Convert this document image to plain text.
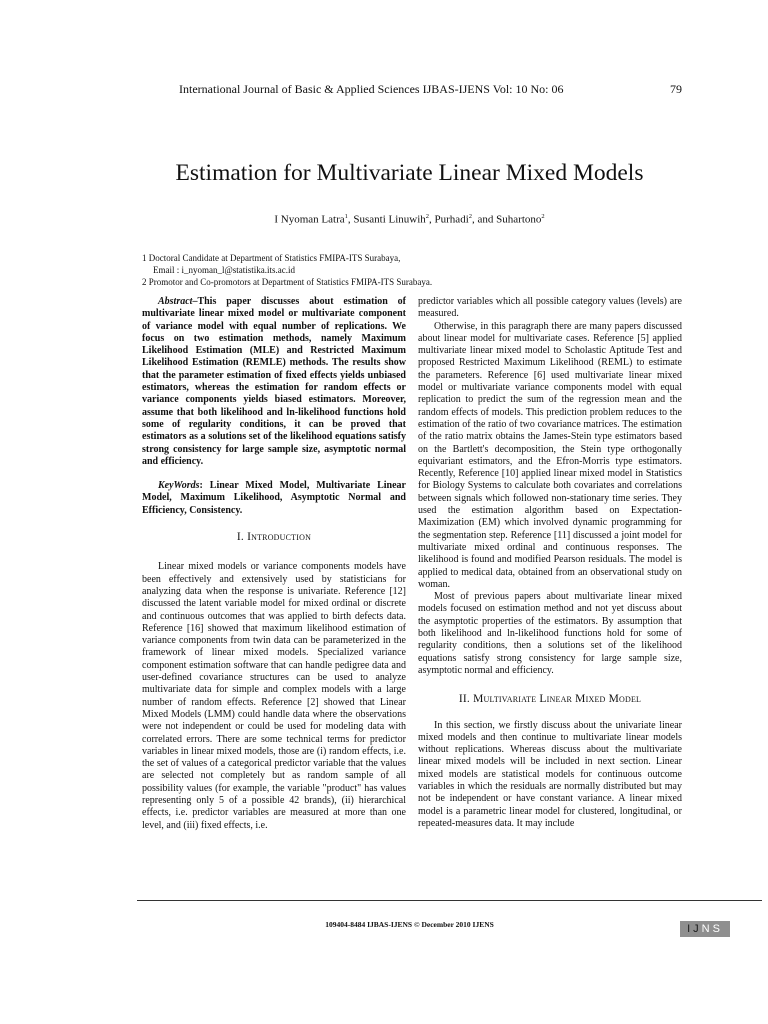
International Journal of Basic & Applied Sciences IJBAS-IJENS Vol: 10 No: 06	79
Estimation for Multivariate Linear Mixed Models
I Nyoman Latra$^1$, Susanti Linuwih$^2$, Purhadi$^2$, and Suhartono$^2$
1 Doctoral Candidate at Department of Statistics FMIPA-ITS Surabaya,
Email : i_nyoman_l@statistika.its.ac.id
2 Promotor and Co-promotors at Department of Statistics FMIPA-ITS Surabaya.

Abstract–This paper discusses about estimation of multivariate linear mixed model or multivariate component of variance model with equal number of replications. We focus on two estimation methods, namely Maximum Likelihood Estimation (MLE) and Restricted Maximum Likelihood Estimation (REMLE) methods. The results show that the parameter estimation of fixed effects yields unbiased estimators, whereas the estimation for random effects or variance components yields biased estimators. Moreover, assume that both likelihood and ln-likelihood functions hold some of regularity conditions, it can be proved that estimators as a solutions set of the likelihood equations satisfy strong consistency for large sample size, asymptotic normal and efficiency.

KeyWords: Linear Mixed Model, Multivariate Linear Model, Maximum Likelihood, Asymptotic Normal and Efficiency, Consistency.

I. Introduction

Linear mixed models or variance components models have been effectively and extensively used by statisticians for analyzing data when the response is univariate. Reference [12] discussed the latent variable model for mixed ordinal or discrete and continuous outcomes that was applied to birth defects data. Reference [16] showed that maximum likelihood estimation of variance components from twin data can be parameterized in the framework of linear mixed models. Specialized variance component estimation software that can handle pedigree data and user-defined covariance structures can be used to analyze multivariate data for simple and complex models with a large number of random effects. Reference [2] showed that Linear Mixed Models (LMM) could handle data where the observations were not independent or could be used for modeling data with correlated errors. There are some technical terms for predictor variables in linear mixed models, those are (i) random effects, i.e. the set of values of a categorical predictor variable that the values are selected not completely but as random sample of all possibility values (for example, the variable "product" has values representing only 5 of a possible 42 brands), (ii) hierarchical effects, i.e. predictor variables are measured at more than one level, and (iii) fixed effects, i.e.

predictor variables which all possible category values (levels) are measured.

Otherwise, in this paragraph there are many papers discussed about linear model for multivariate cases. Reference [5] applied multivariate linear mixed model to Scholastic Aptitude Test and proposed Restricted Maximum Likelihood (REML) to estimate the parameters. Reference [6] used multivariate linear mixed model or multivariate variance components model with equal replication to predict the sum of the regression mean and the random effects of models. This prediction problem reduces to the estimation of the ratio of two covariance matrices. The estimation of the ratio matrix obtains the James-Stein type estimators based on the Bartlett's decomposition, the Stein type orthogonally equivariant estimators, and the Efron-Morris type estimators. Recently, Reference [10] applied linear mixed model in Statistics for Biology Systems to calculate both covariates and correlations between signals which followed non-stationary time series. They used the estimation algorithm based on Expectation-Maximization (EM) which involved dynamic programming for the segmentation step. Reference [11] discussed a joint model for multivariate mixed ordinal and continuous responses. The likelihood is found and modified Pearson residuals. The model is applied to medical data, obtained from an observational study on woman.

Most of previous papers about multivariate linear mixed models focused on estimation method and not yet discuss about the asymptotic properties of the estimators. By assumption that both likelihood and ln-likelihood functions hold for some of regularity conditions, then a solutions set of the likelihood equations satisfy strong consistency for large sample size, asymptotic normal and efficiency.

II. Multivariate Linear Mixed Model

In this section, we firstly discuss about the univariate linear mixed models and then continue to multivariate linear models without replications. Whereas discuss about the multivariate linear mixed models will be included in next section. Linear mixed models are statistical models for continuous outcome variables in which the residuals are normally distributed but may not be independent or have constant variance. A linear mixed model is a parametric linear model for clustered, longitudinal, or repeated-measures data. It may include

109404-8484 IJBAS-IJENS © December 2010 IJENS	IJNS
